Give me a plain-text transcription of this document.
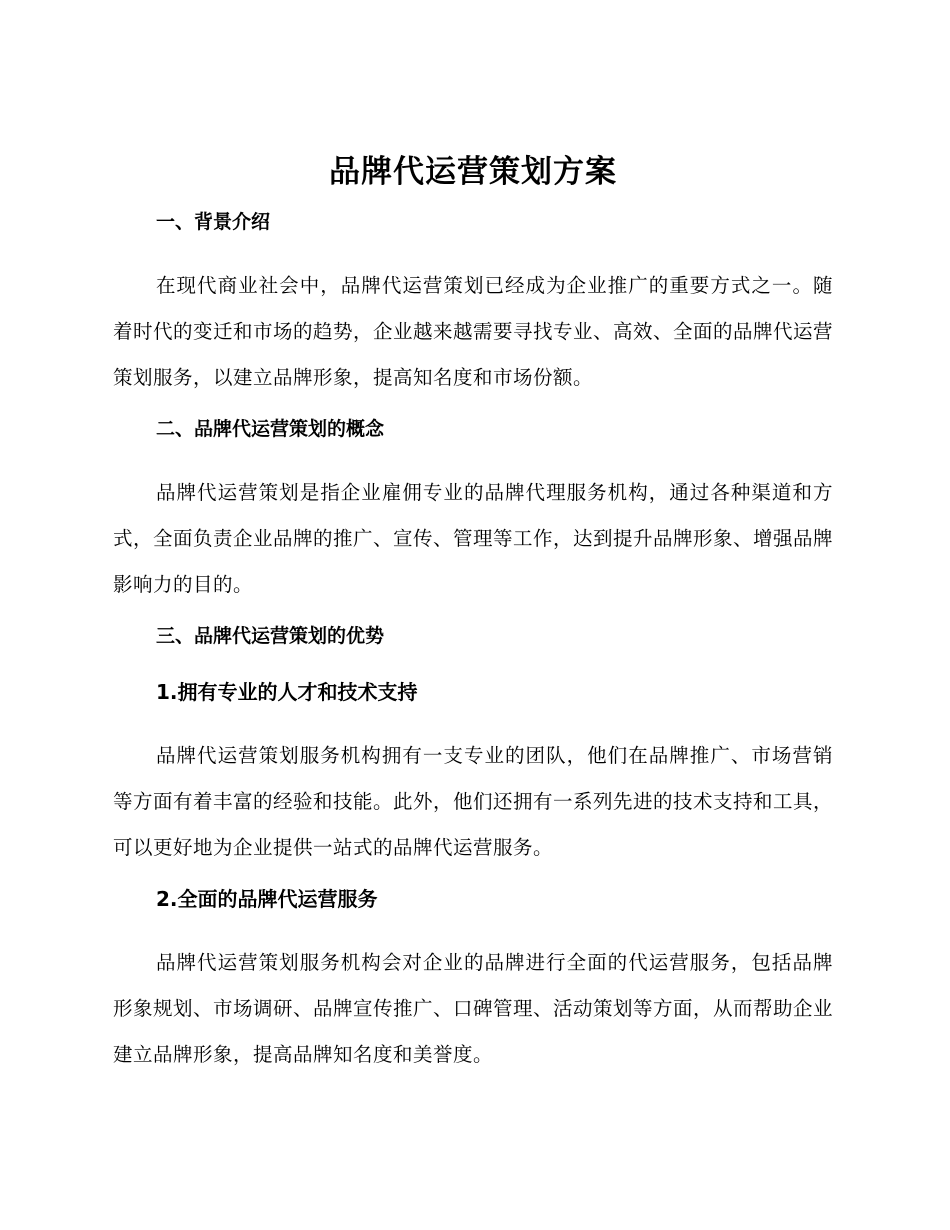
品牌代运营策划方案
一、背景介绍

在现代商业社会中，品牌代运营策划已经成为企业推广的重要方式之一。随着时代的变迁和市场的趋势，企业越来越需要寻找专业、高效、全面的品牌代运营策划服务，以建立品牌形象，提高知名度和市场份额。

二、品牌代运营策划的概念

品牌代运营策划是指企业雇佣专业的品牌代理服务机构，通过各种渠道和方式，全面负责企业品牌的推广、宣传、管理等工作，达到提升品牌形象、增强品牌影响力的目的。

三、品牌代运营策划的优势
1.拥有专业的人才和技术支持

品牌代运营策划服务机构拥有一支专业的团队，他们在品牌推广、市场营销等方面有着丰富的经验和技能。此外，他们还拥有一系列先进的技术支持和工具，可以更好地为企业提供一站式的品牌代运营服务。

2.全面的品牌代运营服务

品牌代运营策划服务机构会对企业的品牌进行全面的代运营服务，包括品牌形象规划、市场调研、品牌宣传推广、口碑管理、活动策划等方面，从而帮助企业建立品牌形象，提高品牌知名度和美誉度。
